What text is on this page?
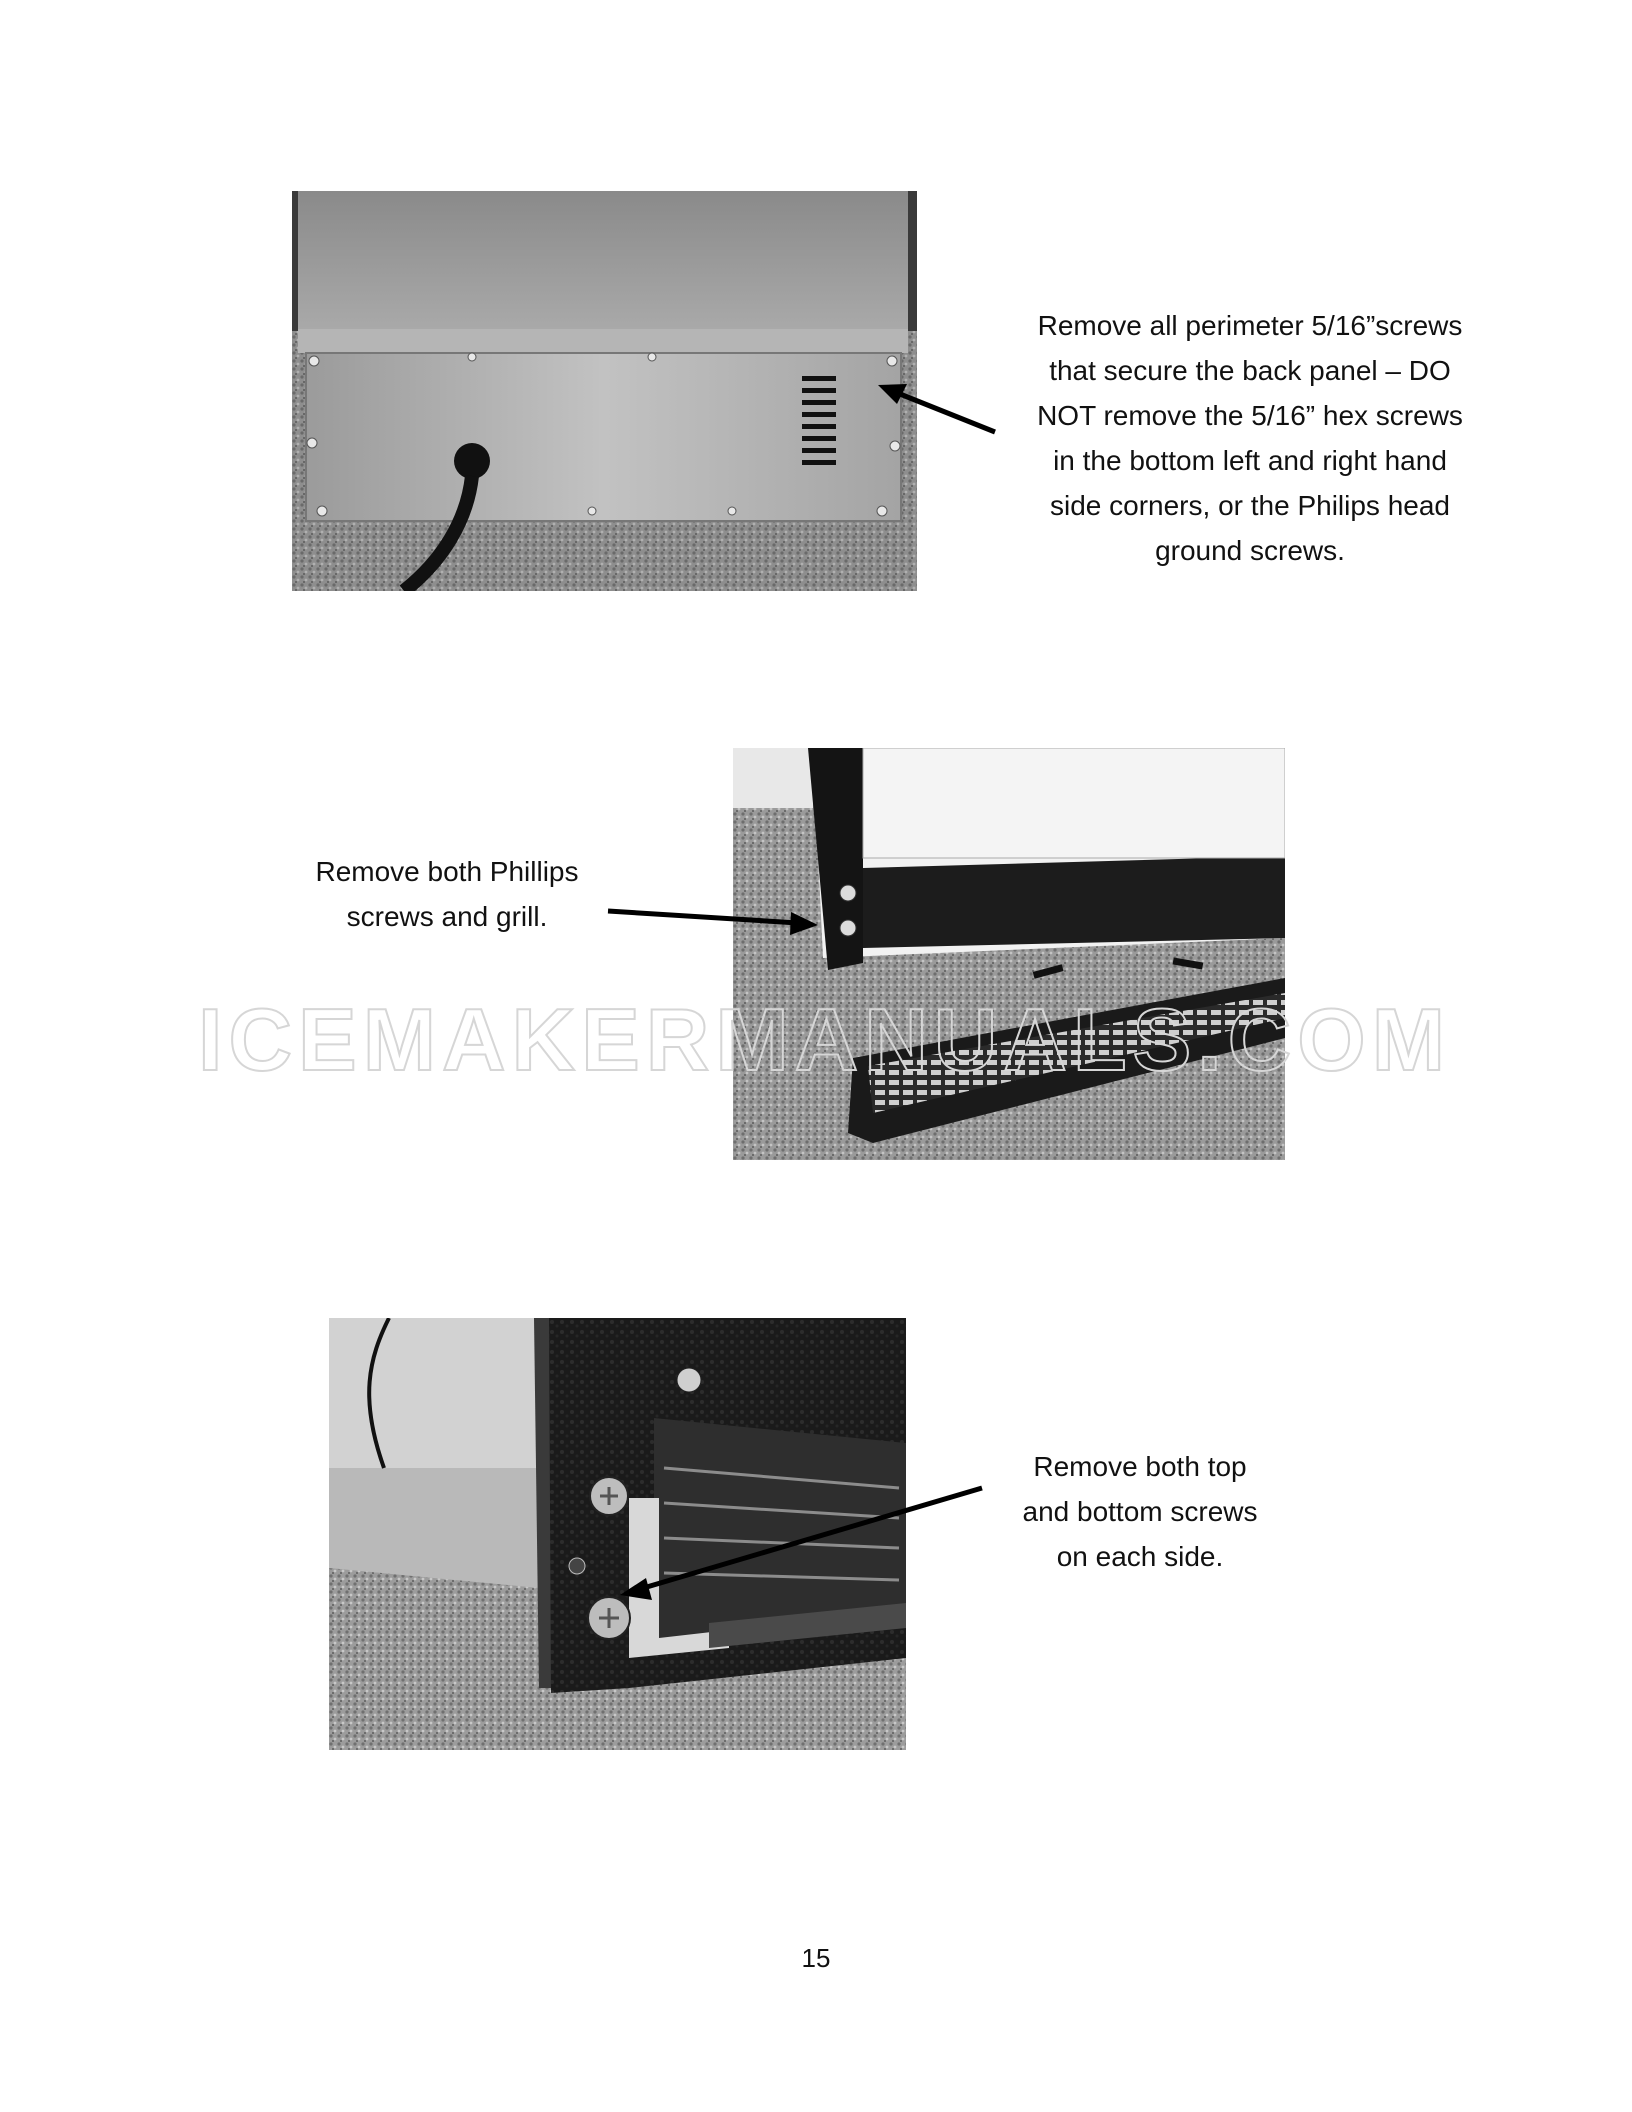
Remove all perimeter 5/16”screws
that secure the back panel – DO
NOT remove the 5/16” hex screws
in the bottom left and right hand
side corners, or the Philips head
ground screws.
Remove both Phillips
screws and grill.
Remove both top
and bottom screws
on each side.
15
